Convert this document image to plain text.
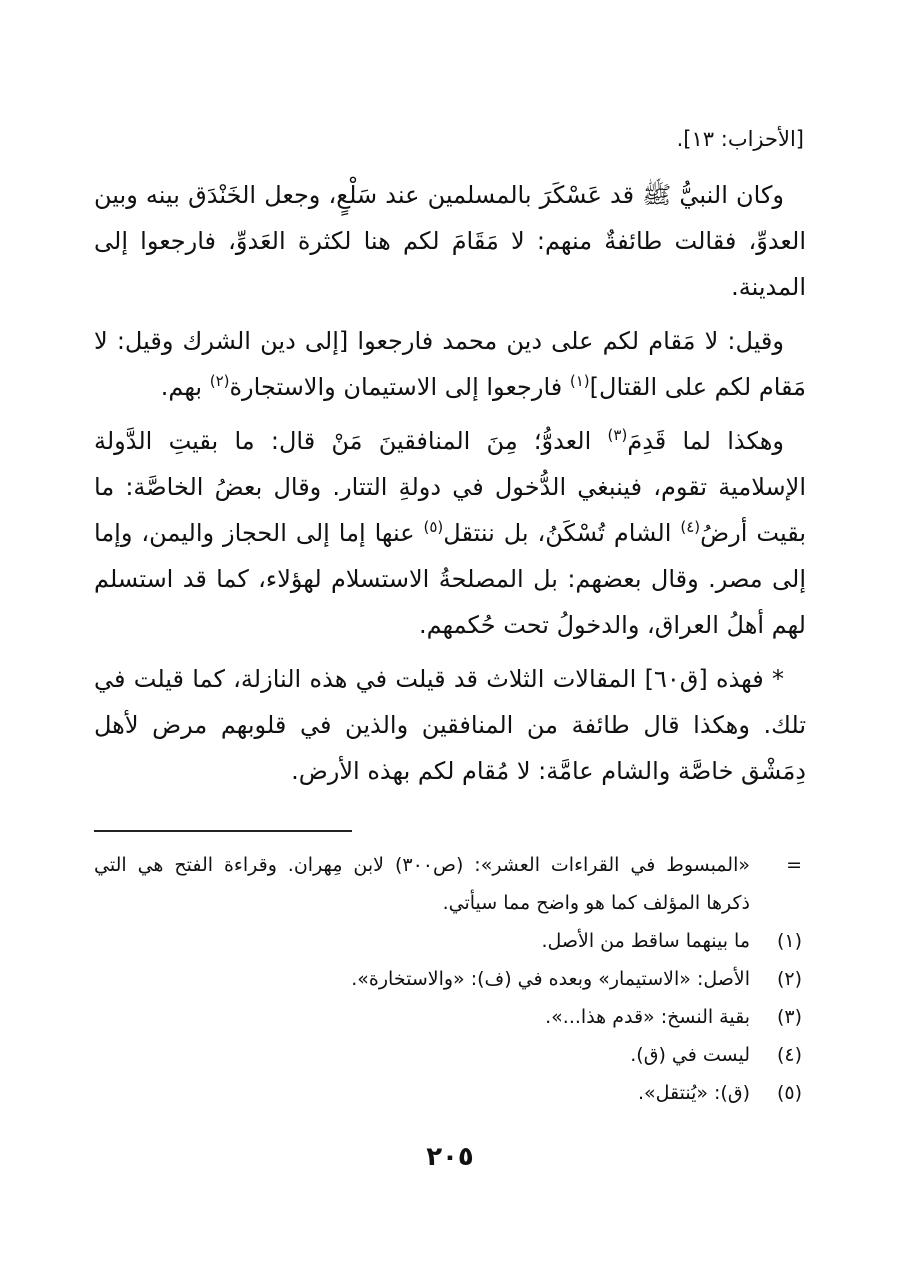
[الأحزاب: ١٣].

وكان النبيُّ ﷺ قد عَسْكَرَ بالمسلمين عند سَلْعٍ، وجعل الخَنْدَق بينه وبين العدوِّ، فقالت طائفةٌ منهم: لا مَقَامَ لكم هنا لكثرة العَدوِّ، فارجعوا إلى المدينة.

وقيل: لا مَقام لكم على دين محمد فارجعوا [إلى دين الشرك وقيل: لا مَقام لكم على القتال]$^{(١)}$ فارجعوا إلى الاستيمان والاستجارة$^{(٢)}$ بهم.

وهكذا لما قَدِمَ$^{(٣)}$ العدوُّ؛ مِنَ المنافقينَ مَنْ قال: ما بقيتِ الدَّولة الإسلامية تقوم، فينبغي الدُّخول في دولةِ التتار. وقال بعضُ الخاصَّة: ما بقيت أرضُ$^{(٤)}$ الشام تُسْكَنُ، بل ننتقل$^{(٥)}$ عنها إما إلى الحجاز واليمن، وإما إلى مصر. وقال بعضهم: بل المصلحةُ الاستسلام لهؤلاء، كما قد استسلم لهم أهلُ العراق، والدخولُ تحت حُكمهم.

* فهذه [ق٦٠] المقالات الثلاث قد قيلت في هذه النازلة، كما قيلت في تلك. وهكذا قال طائفة من المنافقين والذين في قلوبهم مرض لأهل دِمَشْق خاصَّة والشام عامَّة: لا مُقام لكم بهذه الأرض.

=
«المبسوط في القراءات العشر»: (ص٣٠٠) لابن مِهران. وقراءة الفتح هي التي ذكرها المؤلف كما هو واضح مما سيأتي.
(١)
ما بينهما ساقط من الأصل.
(٢)
الأصل: «الاستيمار» وبعده في (ف): «والاستخارة».
(٣)
بقية النسخ: «قدم هذا...».
(٤)
ليست في (ق).
(٥)
(ق): «يُنتقل».
٢٠٥
